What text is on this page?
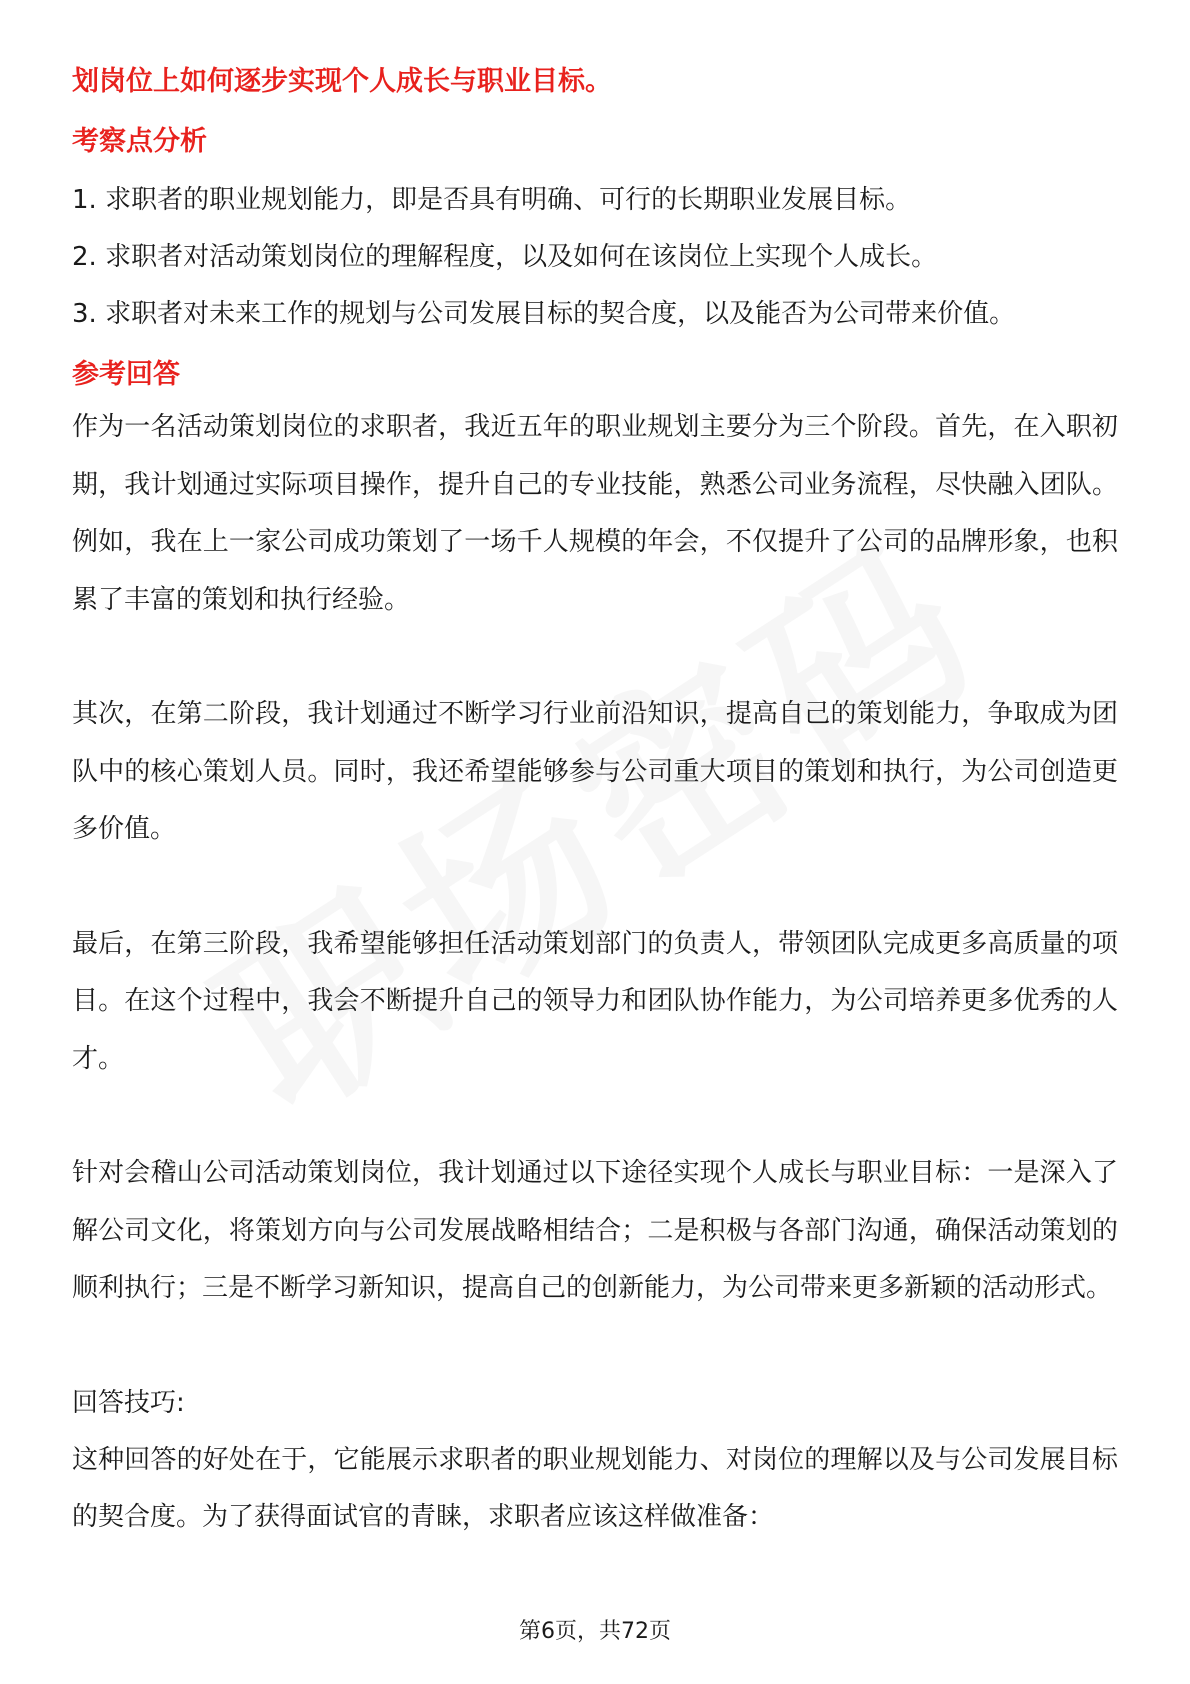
划岗位上如何逐步实现个人成长与职业目标。

考察点分析

1. 求职者的职业规划能力，即是否具有明确、可行的长期职业发展目标。

2. 求职者对活动策划岗位的理解程度，以及如何在该岗位上实现个人成长。

3. 求职者对未来工作的规划与公司发展目标的契合度，以及能否为公司带来价值。

参考回答

作为一名活动策划岗位的求职者，我近五年的职业规划主要分为三个阶段。首先，在入职初期，我计划通过实际项目操作，提升自己的专业技能，熟悉公司业务流程，尽快融入团队。例如，我在上一家公司成功策划了一场千人规模的年会，不仅提升了公司的品牌形象，也积累了丰富的策划和执行经验。

其次，在第二阶段，我计划通过不断学习行业前沿知识，提高自己的策划能力，争取成为团队中的核心策划人员。同时，我还希望能够参与公司重大项目的策划和执行，为公司创造更多价值。

最后，在第三阶段，我希望能够担任活动策划部门的负责人，带领团队完成更多高质量的项目。在这个过程中，我会不断提升自己的领导力和团队协作能力，为公司培养更多优秀的人才。

针对会稽山公司活动策划岗位，我计划通过以下途径实现个人成长与职业目标：一是深入了解公司文化，将策划方向与公司发展战略相结合；二是积极与各部门沟通，确保活动策划的顺利执行；三是不断学习新知识，提高自己的创新能力，为公司带来更多新颖的活动形式。

回答技巧:

这种回答的好处在于，它能展示求职者的职业规划能力、对岗位的理解以及与公司发展目标的契合度。为了获得面试官的青睐，求职者应该这样做准备：

第6页，共72页
